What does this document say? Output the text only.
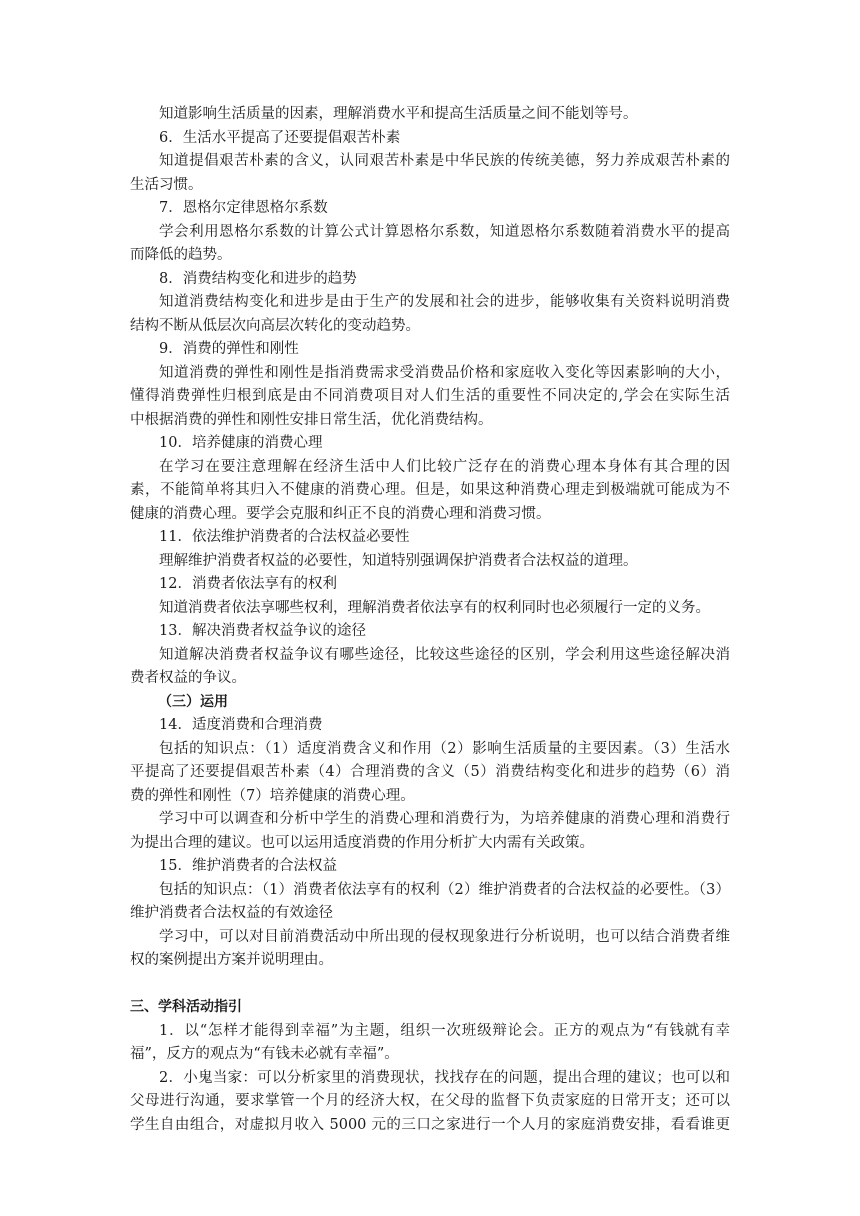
知道影响生活质量的因素，理解消费水平和提高生活质量之间不能划等号。
6．生活水平提高了还要提倡艰苦朴素
知道提倡艰苦朴素的含义，认同艰苦朴素是中华民族的传统美德，努力养成艰苦朴素的
生活习惯。
7．恩格尔定律恩格尔系数
学会利用恩格尔系数的计算公式计算恩格尔系数，知道恩格尔系数随着消费水平的提高
而降低的趋势。
8．消费结构变化和进步的趋势
知道消费结构变化和进步是由于生产的发展和社会的进步，能够收集有关资料说明消费
结构不断从低层次向高层次转化的变动趋势。
9．消费的弹性和刚性
知道消费的弹性和刚性是指消费需求受消费品价格和家庭收入变化等因素影响的大小，
懂得消费弹性归根到底是由不同消费项目对人们生活的重要性不同决定的,学会在实际生活
中根据消费的弹性和刚性安排日常生活，优化消费结构。
10．培养健康的消费心理
在学习在要注意理解在经济生活中人们比较广泛存在的消费心理本身体有其合理的因
素，不能简单将其归入不健康的消费心理。但是，如果这种消费心理走到极端就可能成为不
健康的消费心理。要学会克服和纠正不良的消费心理和消费习惯。
11．依法维护消费者的合法权益必要性
理解维护消费者权益的必要性，知道特别强调保护消费者合法权益的道理。
12．消费者依法享有的权利
知道消费者依法享哪些权利，理解消费者依法享有的权利同时也必须履行一定的义务。
13．解决消费者权益争议的途径
知道解决消费者权益争议有哪些途径，比较这些途径的区别，学会利用这些途径解决消
费者权益的争议。
（三）运用
14．适度消费和合理消费
包括的知识点：（1）适度消费含义和作用（2）影响生活质量的主要因素。（3）生活水
平提高了还要提倡艰苦朴素（4）合理消费的含义（5）消费结构变化和进步的趋势（6）消
费的弹性和刚性（7）培养健康的消费心理。
学习中可以调查和分析中学生的消费心理和消费行为，为培养健康的消费心理和消费行
为提出合理的建议。也可以运用适度消费的作用分析扩大内需有关政策。
15．维护消费者的合法权益
包括的知识点：（1）消费者依法享有的权利（2）维护消费者的合法权益的必要性。（3）
维护消费者合法权益的有效途径
学习中，可以对目前消费活动中所出现的侵权现象进行分析说明，也可以结合消费者维
权的案例提出方案并说明理由。
三、学科活动指引
1．以“怎样才能得到幸福”为主题，组织一次班级辩论会。正方的观点为“有钱就有幸
福”，反方的观点为“有钱未必就有幸福”。
2．小鬼当家：可以分析家里的消费现状，找找存在的问题，提出合理的建议；也可以和
父母进行沟通，要求掌管一个月的经济大权，在父母的监督下负责家庭的日常开支；还可以
学生自由组合，对虚拟月收入 5000 元的三口之家进行一个人月的家庭消费安排，看看谁更
